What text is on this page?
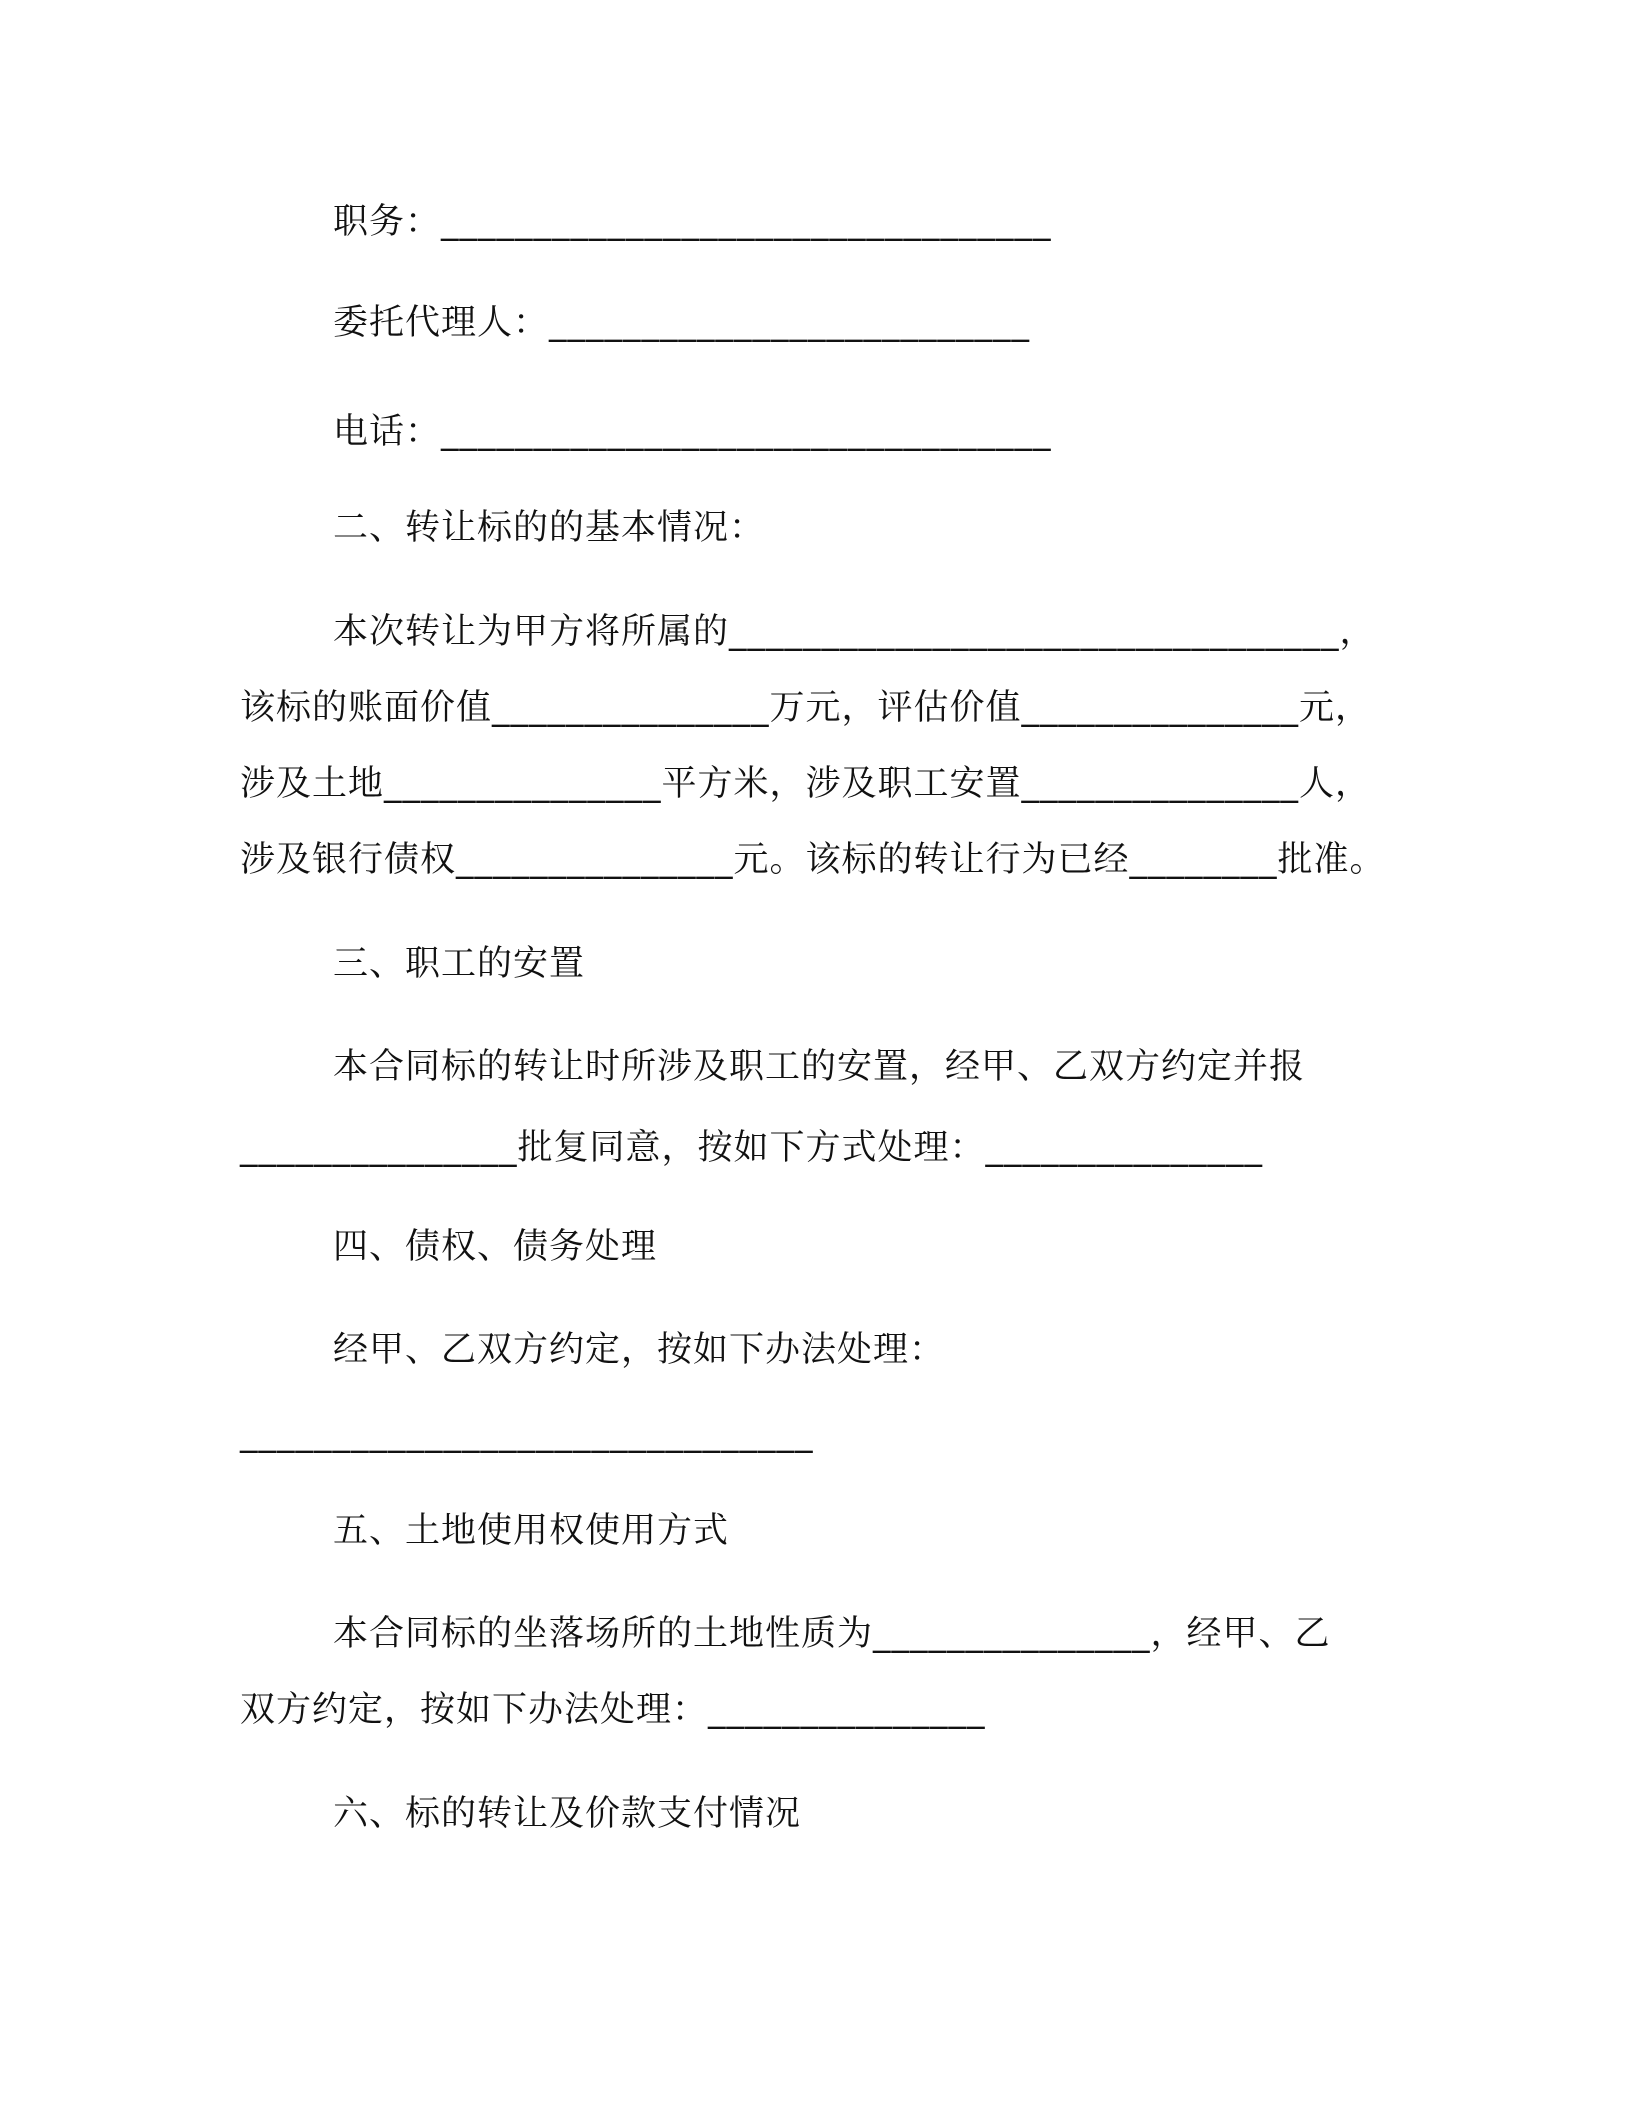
职务：_________________________________
委托代理人：__________________________
电话：_________________________________
二、转让标的的基本情况：
本次转让为甲方将所属的_________________________________，
该标的账面价值_______________万元，评估价值_______________元，
涉及土地_______________平方米，涉及职工安置_______________人，
涉及银行债权_______________元。该标的转让行为已经________批准。
三、职工的安置
本合同标的转让时所涉及职工的安置，经甲、乙双方约定并报
_______________批复同意，按如下方式处理：_______________
四、债权、债务处理
经甲、乙双方约定，按如下办法处理：
_______________________________
五、土地使用权使用方式
本合同标的坐落场所的土地性质为_______________，经甲、乙
双方约定，按如下办法处理：_______________
六、标的转让及价款支付情况
